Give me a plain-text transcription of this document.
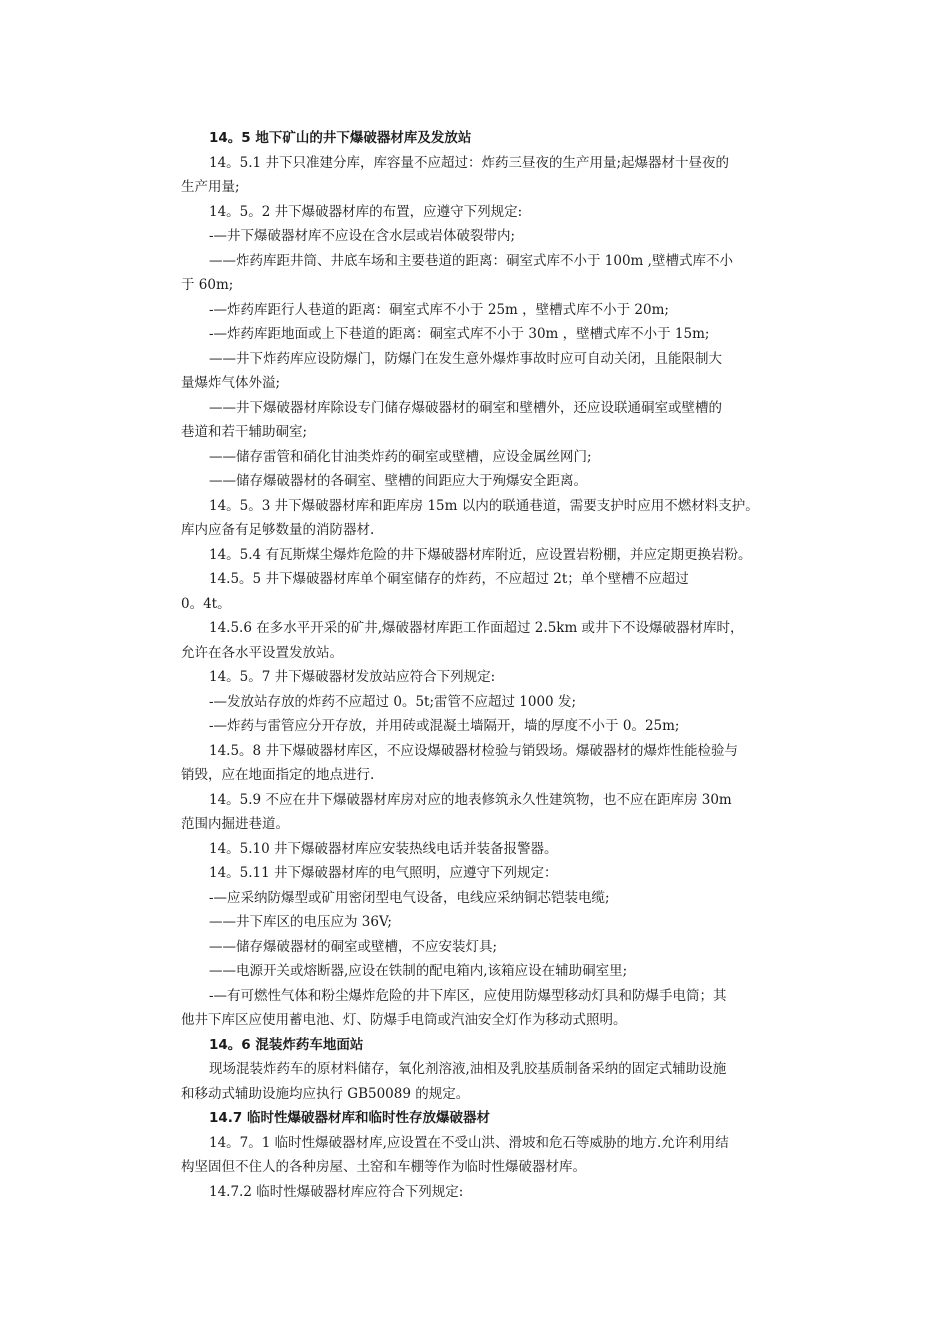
14。5 地下矿山的井下爆破器材库及发放站
14。5.1 井下只准建分库，库容量不应超过：炸药三昼夜的生产用量;起爆器材十昼夜的
生产用量;
14。5。2 井下爆破器材库的布置，应遵守下列规定:
-—井下爆破器材库不应设在含水层或岩体破裂带内;
——炸药库距井筒、井底车场和主要巷道的距离：硐室式库不小于 100m ,壁槽式库不小
于 60m;
-—炸药库距行人巷道的距离：硐室式库不小于 25m ，壁槽式库不小于 20m;
-—炸药库距地面或上下巷道的距离：硐室式库不小于 30m ，壁槽式库不小于 15m;
——井下炸药库应设防爆门，防爆门在发生意外爆炸事故时应可自动关闭，且能限制大
量爆炸气体外溢;
——井下爆破器材库除设专门储存爆破器材的硐室和壁槽外，还应设联通硐室或壁槽的
巷道和若干辅助硐室;
——储存雷管和硝化甘油类炸药的硐室或壁槽，应设金属丝网门;
——储存爆破器材的各硐室、壁槽的间距应大于殉爆安全距离。
14。5。3 井下爆破器材库和距库房 15m 以内的联通巷道，需要支护时应用不燃材料支护。
库内应备有足够数量的消防器材.
14。5.4 有瓦斯煤尘爆炸危险的井下爆破器材库附近，应设置岩粉棚，并应定期更换岩粉。
14.5。5 井下爆破器材库单个硐室储存的炸药，不应超过 2t；单个壁槽不应超过
0。4t。
14.5.6 在多水平开采的矿井,爆破器材库距工作面超过 2.5km 或井下不设爆破器材库时，
允许在各水平设置发放站。
14。5。7 井下爆破器材发放站应符合下列规定:
-—发放站存放的炸药不应超过 0。5t;雷管不应超过 1000 发;
-—炸药与雷管应分开存放，并用砖或混凝土墙隔开，墙的厚度不小于 0。25m;
14.5。8 井下爆破器材库区，不应设爆破器材检验与销毁场。爆破器材的爆炸性能检验与
销毁，应在地面指定的地点进行.
14。5.9 不应在井下爆破器材库房对应的地表修筑永久性建筑物，也不应在距库房 30m
范围内掘进巷道。
14。5.10 井下爆破器材库应安装热线电话并装备报警器。
14。5.11 井下爆破器材库的电气照明，应遵守下列规定：
-—应采纳防爆型或矿用密闭型电气设备，电线应采纳铜芯铠装电缆;
——井下库区的电压应为 36V;
——储存爆破器材的硐室或壁槽，不应安装灯具;
——电源开关或熔断器,应设在铁制的配电箱内,该箱应设在辅助硐室里;
-—有可燃性气体和粉尘爆炸危险的井下库区，应使用防爆型移动灯具和防爆手电筒；其
他井下库区应使用蓄电池、灯、防爆手电筒或汽油安全灯作为移动式照明。
14。6 混装炸药车地面站
现场混装炸药车的原材料储存，氧化剂溶液,油相及乳胶基质制备采纳的固定式辅助设施
和移动式辅助设施均应执行 GB50089 的规定。
14.7 临时性爆破器材库和临时性存放爆破器材
14。7。1 临时性爆破器材库,应设置在不受山洪、滑坡和危石等威胁的地方.允许利用结
构坚固但不住人的各种房屋、土窑和车棚等作为临时性爆破器材库。
14.7.2 临时性爆破器材库应符合下列规定:
